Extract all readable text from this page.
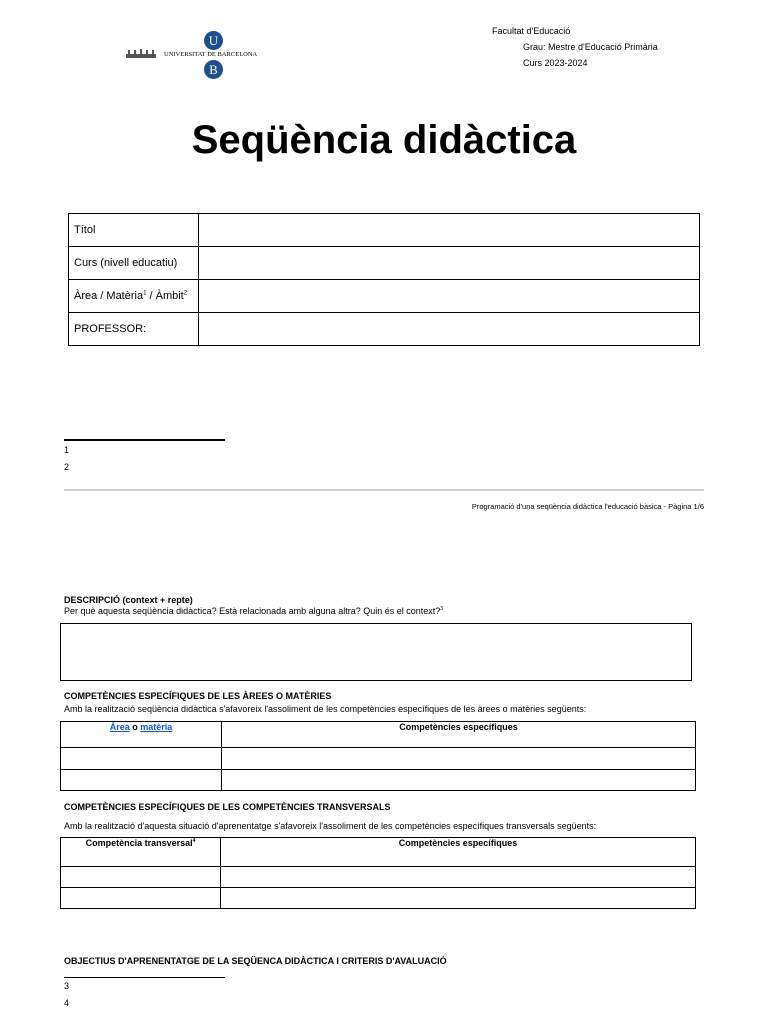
UNIVERSITAT DE BARCELONA
U
B
Facultat d'Educació
Grau: Mestre d'Educació Primària
Curs 2023-2024
Seqüència didàctica
Títol	
Curs (nivell educatiu)	
Àrea / Matèria$^1$ / Àmbit$^2$	
PROFESSOR:	
1
2
Programació d'una seqüència didàctica l'educació bàsica - Pàgina 1/6
DESCRIPCIÓ (context + repte)
Per què aquesta seqüència didàctica? Està relacionada amb alguna altra? Quin és el context?$^3$
COMPETÈNCIES ESPECÍFIQUES DE LES ÀREES O MATÈRIES
Amb la realització seqüència didàctica s'afavoreix l'assoliment de les competències específiques de les àrees o matèries següents:
Àrea o matèria	Competències específiques

COMPETÈNCIES ESPECÍFIQUES DE LES COMPETÈNCIES TRANSVERSALS
Amb la realització d'aquesta situació d'aprenentatge s'afavoreix l'assoliment de les competències específiques transversals següents:
Competència transversal$^4$	Competències específiques

OBJECTIUS D'APRENENTATGE DE LA SEQÜENCA DIDÀCTICA I CRITERIS D'AVALUACIÓ
3
4
